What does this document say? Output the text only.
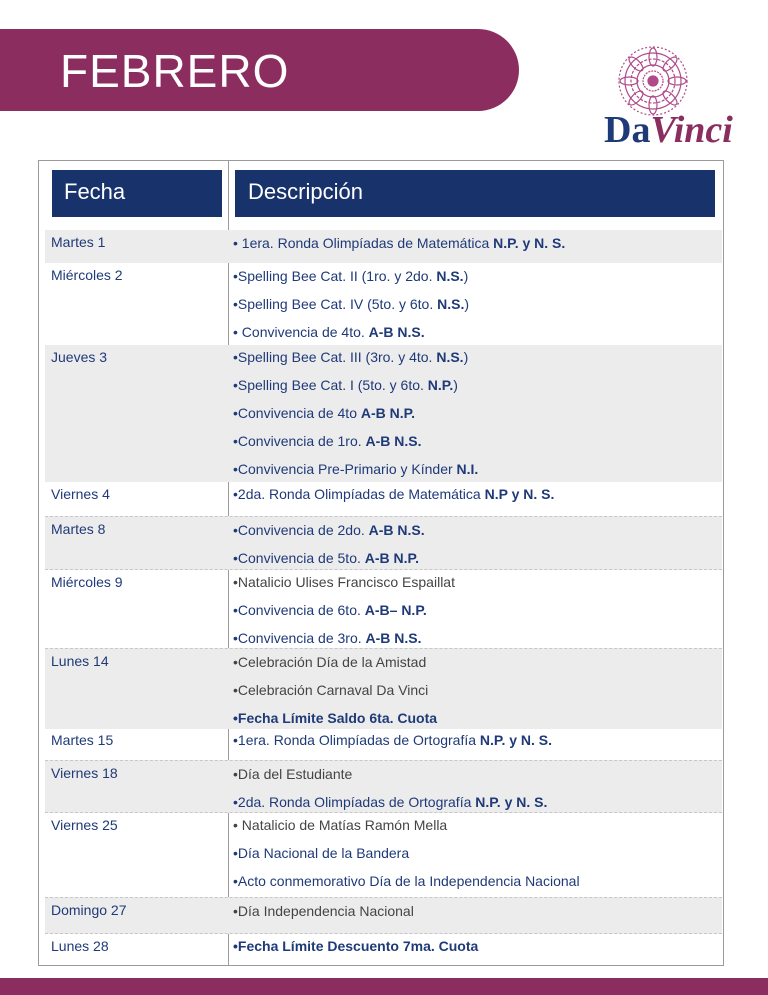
FEBRERO
DaVinci
Fecha	Descripción
Martes 1	• 1era. Ronda Olimpíadas de Matemática N.P. y N. S.
Miércoles 2	•Spelling Bee Cat. II (1ro. y 2do. N.S.)
•Spelling Bee Cat. IV (5to. y 6to. N.S.)
• Convivencia de 4to. A-B N.S.
Jueves 3	•Spelling Bee Cat. III (3ro. y 4to. N.S.)
•Spelling Bee Cat. I (5to. y 6to. N.P.)
•Convivencia de 4to A-B N.P.
•Convivencia de 1ro. A-B N.S.
•Convivencia Pre-Primario y Kínder N.I.
Viernes 4	•2da. Ronda Olimpíadas de Matemática N.P y N. S.
Martes 8	•Convivencia de 2do. A-B N.S.
•Convivencia de 5to. A-B N.P.
Miércoles 9	•Natalicio Ulises Francisco Espaillat
•Convivencia de 6to. A-B– N.P.
•Convivencia de 3ro. A-B N.S.
Lunes 14	•Celebración Día de la Amistad
•Celebración Carnaval Da Vinci
•Fecha Límite Saldo 6ta. Cuota
Martes 15	•1era. Ronda Olimpíadas de Ortografía N.P. y N. S.
Viernes 18	•Día del Estudiante
•2da. Ronda Olimpíadas de Ortografía N.P. y N. S.
Viernes 25	• Natalicio de Matías Ramón Mella
•Día Nacional de la Bandera
•Acto conmemorativo Día de la Independencia Nacional
Domingo 27	•Día Independencia Nacional
Lunes 28	•Fecha Límite Descuento 7ma. Cuota
